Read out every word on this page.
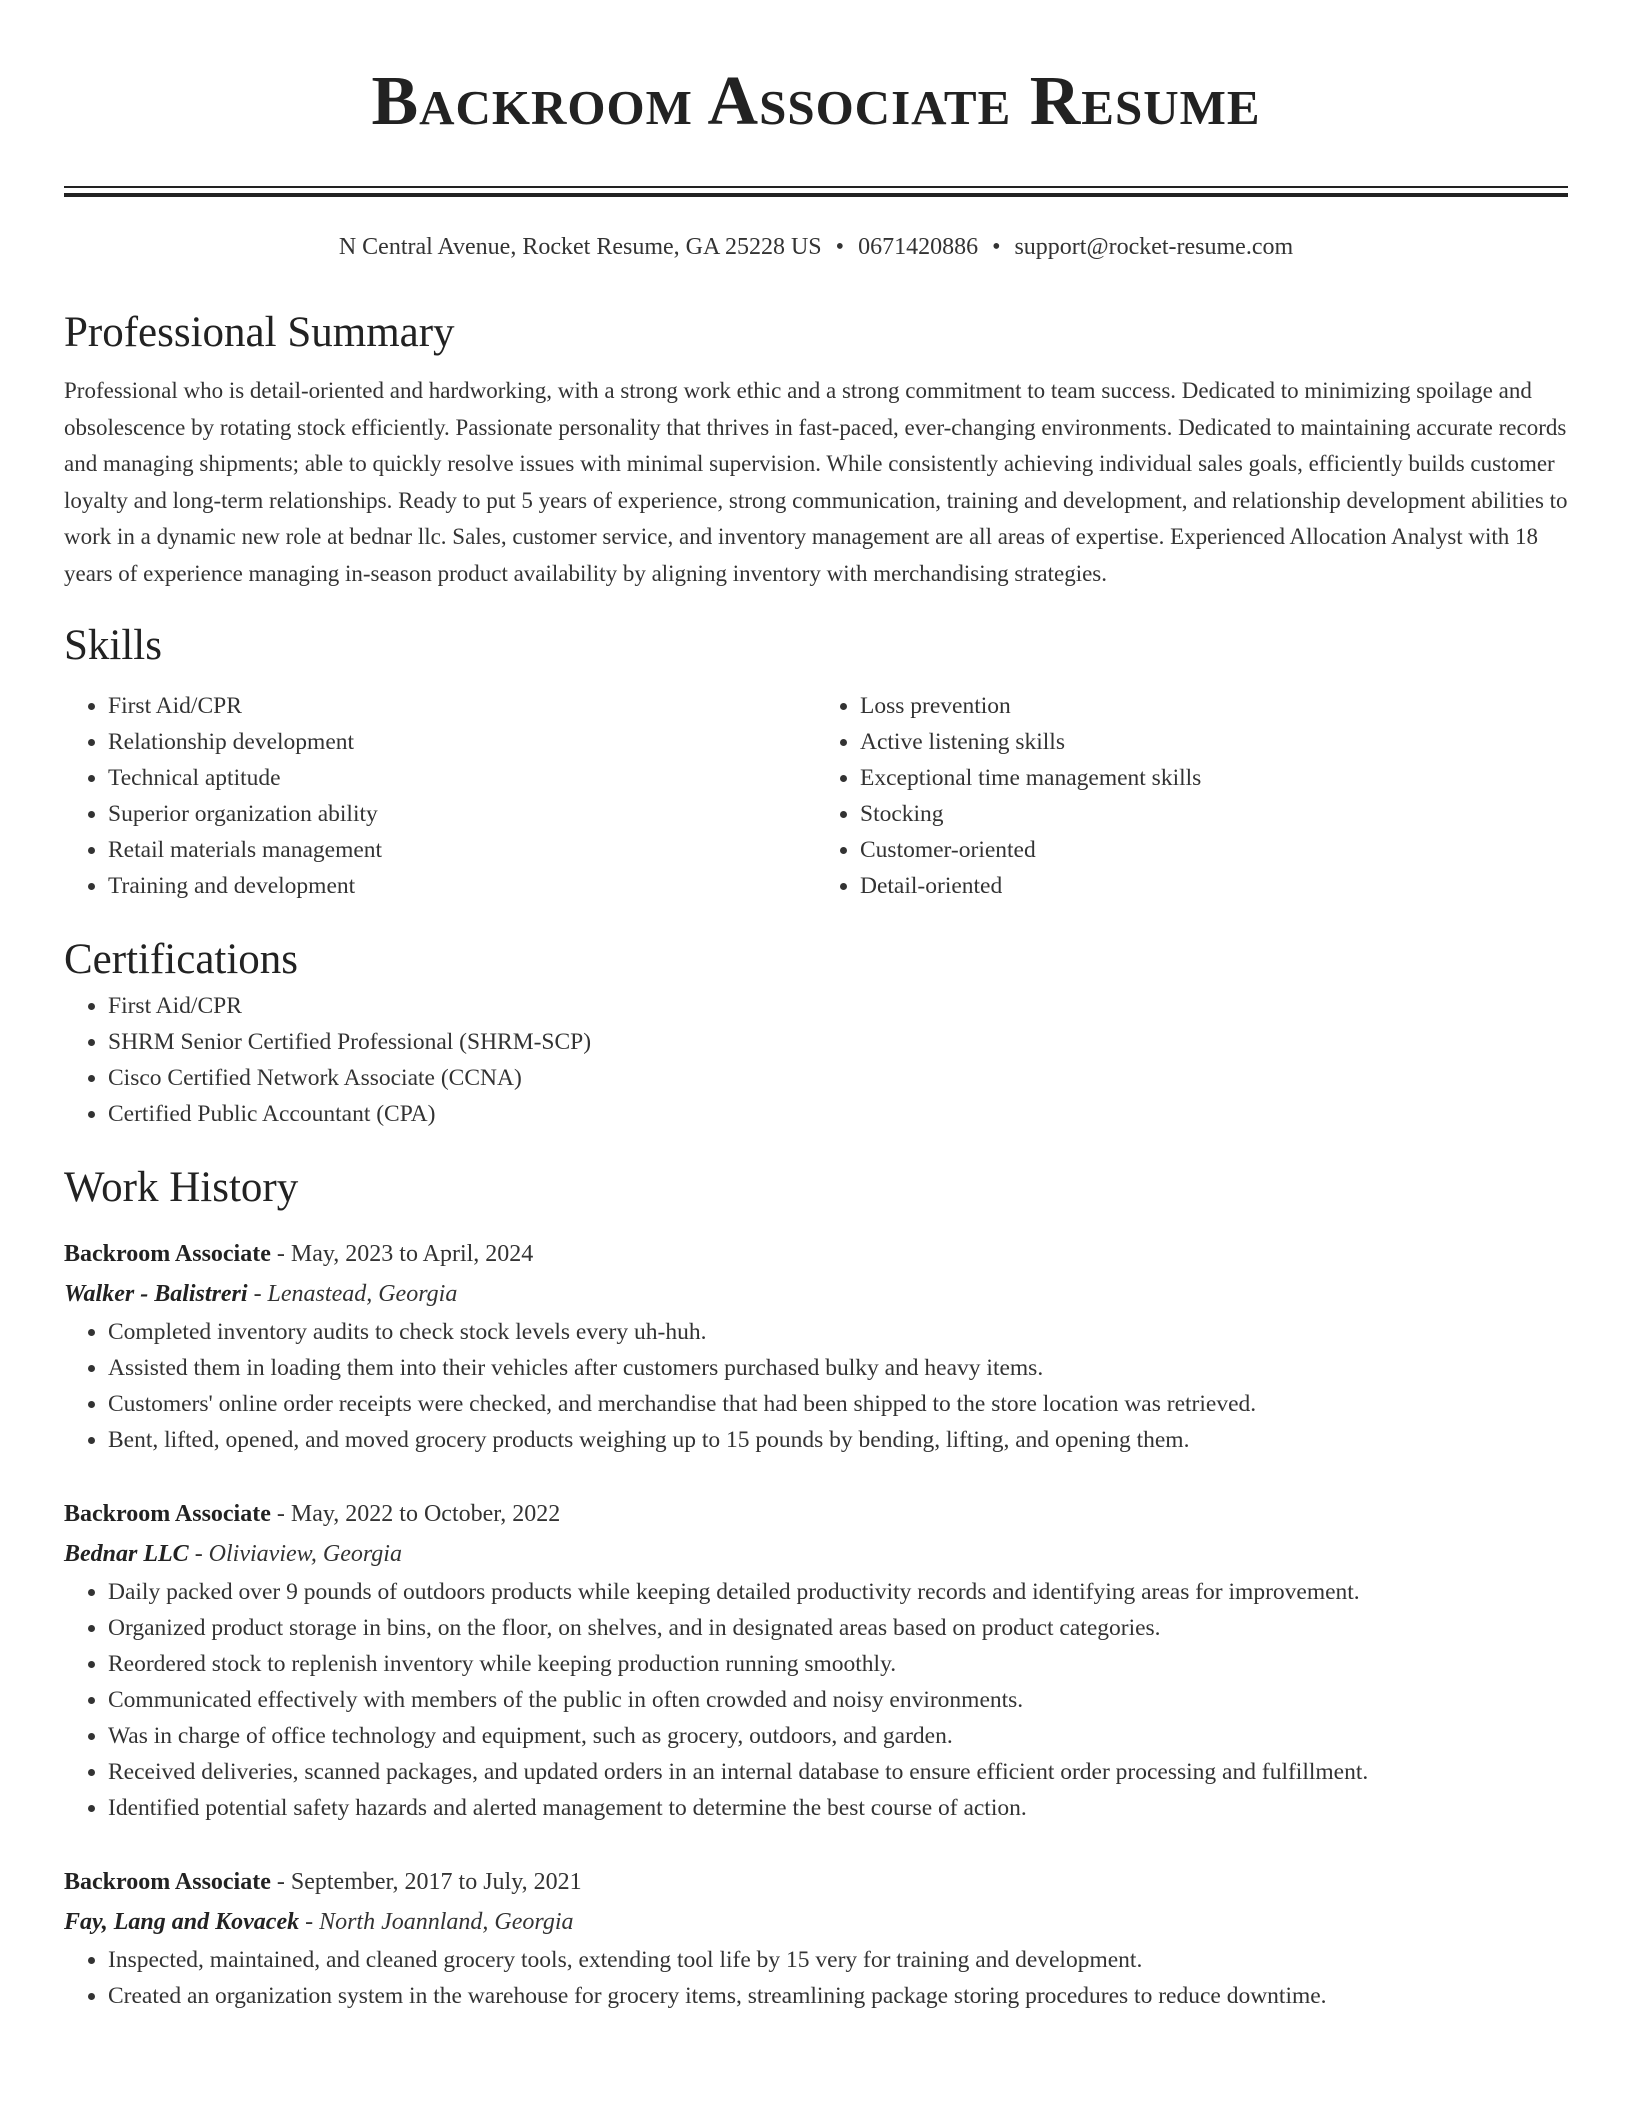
Backroom Associate Resume
N Central Avenue, Rocket Resume, GA 25228 US • 0671420886 • support@rocket-resume.com
Professional Summary

Professional who is detail-oriented and hardworking, with a strong work ethic and a strong commitment to team success. Dedicated to minimizing spoilage and obsolescence by rotating stock efficiently. Passionate personality that thrives in fast-paced, ever-changing environments. Dedicated to maintaining accurate records and managing shipments; able to quickly resolve issues with minimal supervision. While consistently achieving individual sales goals, efficiently builds customer loyalty and long-term relationships. Ready to put 5 years of experience, strong communication, training and development, and relationship development abilities to work in a dynamic new role at bednar llc. Sales, customer service, and inventory management are all areas of expertise. Experienced Allocation Analyst with 18 years of experience managing in-season product availability by aligning inventory with merchandising strategies.

Skills
• First Aid/CPR
• Relationship development
• Technical aptitude
• Superior organization ability
• Retail materials management
• Training and development
• Loss prevention
• Active listening skills
• Exceptional time management skills
• Stocking
• Customer-oriented
• Detail-oriented
Certifications
• First Aid/CPR
• SHRM Senior Certified Professional (SHRM-SCP)
• Cisco Certified Network Associate (CCNA)
• Certified Public Accountant (CPA)
Work History
Backroom Associate - May, 2023 to April, 2024
Walker - Balistreri - Lenastead, Georgia
• Completed inventory audits to check stock levels every uh-huh.
• Assisted them in loading them into their vehicles after customers purchased bulky and heavy items.
• Customers' online order receipts were checked, and merchandise that had been shipped to the store location was retrieved.
• Bent, lifted, opened, and moved grocery products weighing up to 15 pounds by bending, lifting, and opening them.
Backroom Associate - May, 2022 to October, 2022
Bednar LLC - Oliviaview, Georgia
• Daily packed over 9 pounds of outdoors products while keeping detailed productivity records and identifying areas for improvement.
• Organized product storage in bins, on the floor, on shelves, and in designated areas based on product categories.
• Reordered stock to replenish inventory while keeping production running smoothly.
• Communicated effectively with members of the public in often crowded and noisy environments.
• Was in charge of office technology and equipment, such as grocery, outdoors, and garden.
• Received deliveries, scanned packages, and updated orders in an internal database to ensure efficient order processing and fulfillment.
• Identified potential safety hazards and alerted management to determine the best course of action.
Backroom Associate - September, 2017 to July, 2021
Fay, Lang and Kovacek - North Joannland, Georgia
• Inspected, maintained, and cleaned grocery tools, extending tool life by 15 very for training and development.
• Created an organization system in the warehouse for grocery items, streamlining package storing procedures to reduce downtime.
